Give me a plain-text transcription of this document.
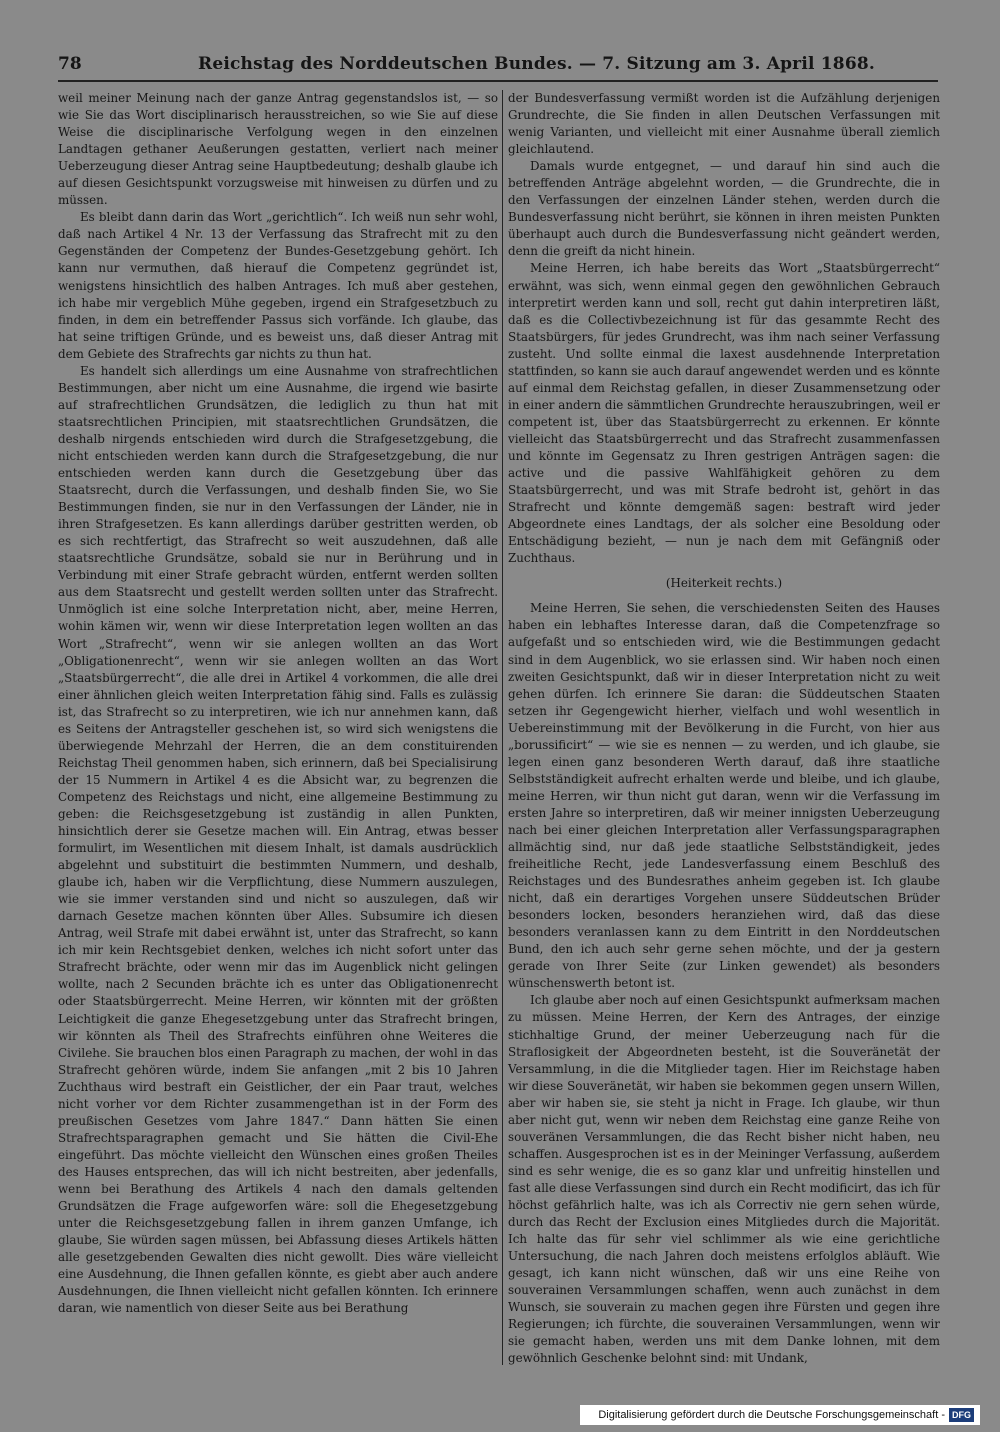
78	Reichstag des Norddeutschen Bundes. — 7. Sitzung am 3. April 1868.

weil meiner Meinung nach der ganze Antrag gegenstandslos ist, — so wie Sie das Wort disciplinarisch herausstreichen, so wie Sie auf diese Weise die disciplinarische Verfolgung wegen in den einzelnen Landtagen gethaner Aeußerungen gestatten, verliert nach meiner Ueberzeugung dieser Antrag seine Hauptbedeutung; deshalb glaube ich auf diesen Gesichtspunkt vorzugsweise mit hinweisen zu dürfen und zu müssen.

Es bleibt dann darin das Wort „gerichtlich“. Ich weiß nun sehr wohl, daß nach Artikel 4 Nr. 13 der Verfassung das Strafrecht mit zu den Gegenständen der Competenz der Bundes-Gesetzgebung gehört. Ich kann nur vermuthen, daß hierauf die Competenz gegründet ist, wenigstens hinsichtlich des halben Antrages. Ich muß aber gestehen, ich habe mir vergeblich Mühe gegeben, irgend ein Strafgesetzbuch zu finden, in dem ein betreffender Passus sich vorfände. Ich glaube, das hat seine triftigen Gründe, und es beweist uns, daß dieser Antrag mit dem Gebiete des Strafrechts gar nichts zu thun hat.

Es handelt sich allerdings um eine Ausnahme von strafrechtlichen Bestimmungen, aber nicht um eine Ausnahme, die irgend wie basirte auf strafrechtlichen Grundsätzen, die lediglich zu thun hat mit staatsrechtlichen Principien, mit staatsrechtlichen Grundsätzen, die deshalb nirgends entschieden wird durch die Strafgesetzgebung, die nicht entschieden werden kann durch die Strafgesetzgebung, die nur entschieden werden kann durch die Gesetzgebung über das Staatsrecht, durch die Verfassungen, und deshalb finden Sie, wo Sie Bestimmungen finden, sie nur in den Verfassungen der Länder, nie in ihren Strafgesetzen. Es kann allerdings darüber gestritten werden, ob es sich rechtfertigt, das Strafrecht so weit auszudehnen, daß alle staatsrechtliche Grundsätze, sobald sie nur in Berührung und in Verbindung mit einer Strafe gebracht würden, entfernt werden sollten aus dem Staatsrecht und gestellt werden sollten unter das Strafrecht. Unmöglich ist eine solche Interpretation nicht, aber, meine Herren, wohin kämen wir, wenn wir diese Interpretation legen wollten an das Wort „Strafrecht“, wenn wir sie anlegen wollten an das Wort „Obligationenrecht“, wenn wir sie anlegen wollten an das Wort „Staatsbürgerrecht“, die alle drei in Artikel 4 vorkommen, die alle drei einer ähnlichen gleich weiten Interpretation fähig sind. Falls es zulässig ist, das Strafrecht so zu interpretiren, wie ich nur annehmen kann, daß es Seitens der Antragsteller geschehen ist, so wird sich wenigstens die überwiegende Mehrzahl der Herren, die an dem constituirenden Reichstag Theil genommen haben, sich erinnern, daß bei Specialisirung der 15 Nummern in Artikel 4 es die Absicht war, zu begrenzen die Competenz des Reichstags und nicht, eine allgemeine Bestimmung zu geben: die Reichsgesetzgebung ist zuständig in allen Punkten, hinsichtlich derer sie Gesetze machen will. Ein Antrag, etwas besser formulirt, im Wesentlichen mit diesem Inhalt, ist damals ausdrücklich abgelehnt und substituirt die bestimmten Nummern, und deshalb, glaube ich, haben wir die Verpflichtung, diese Nummern auszulegen, wie sie immer verstanden sind und nicht so auszulegen, daß wir darnach Gesetze machen könnten über Alles. Subsumire ich diesen Antrag, weil Strafe mit dabei erwähnt ist, unter das Strafrecht, so kann ich mir kein Rechtsgebiet denken, welches ich nicht sofort unter das Strafrecht brächte, oder wenn mir das im Augenblick nicht gelingen wollte, nach 2 Secunden brächte ich es unter das Obligationenrecht oder Staatsbürgerrecht. Meine Herren, wir könnten mit der größten Leichtigkeit die ganze Ehegesetzgebung unter das Strafrecht bringen, wir könnten als Theil des Strafrechts einführen ohne Weiteres die Civilehe. Sie brauchen blos einen Paragraph zu machen, der wohl in das Strafrecht gehören würde, indem Sie anfangen „mit 2 bis 10 Jahren Zuchthaus wird bestraft ein Geistlicher, der ein Paar traut, welches nicht vorher vor dem Richter zusammengethan ist in der Form des preußischen Gesetzes vom Jahre 1847.“ Dann hätten Sie einen Strafrechtsparagraphen gemacht und Sie hätten die Civil-Ehe eingeführt. Das möchte vielleicht den Wünschen eines großen Theiles des Hauses entsprechen, das will ich nicht bestreiten, aber jedenfalls, wenn bei Berathung des Artikels 4 nach den damals geltenden Grundsätzen die Frage aufgeworfen wäre: soll die Ehegesetzgebung unter die Reichsgesetzgebung fallen in ihrem ganzen Umfange, ich glaube, Sie würden sagen müssen, bei Abfassung dieses Artikels hätten alle gesetzgebenden Gewalten dies nicht gewollt. Dies wäre vielleicht eine Ausdehnung, die Ihnen gefallen könnte, es giebt aber auch andere Ausdehnungen, die Ihnen vielleicht nicht gefallen könnten. Ich erinnere daran, wie namentlich von dieser Seite aus bei Berathung

der Bundesverfassung vermißt worden ist die Aufzählung derjenigen Grundrechte, die Sie finden in allen Deutschen Verfassungen mit wenig Varianten, und vielleicht mit einer Ausnahme überall ziemlich gleichlautend.

Damals wurde entgegnet, — und darauf hin sind auch die betreffenden Anträge abgelehnt worden, — die Grundrechte, die in den Verfassungen der einzelnen Länder stehen, werden durch die Bundesverfassung nicht berührt, sie können in ihren meisten Punkten überhaupt auch durch die Bundesverfassung nicht geändert werden, denn die greift da nicht hinein.

Meine Herren, ich habe bereits das Wort „Staatsbürgerrecht“ erwähnt, was sich, wenn einmal gegen den gewöhnlichen Gebrauch interpretirt werden kann und soll, recht gut dahin interpretiren läßt, daß es die Collectivbezeichnung ist für das gesammte Recht des Staatsbürgers, für jedes Grundrecht, was ihm nach seiner Verfassung zusteht. Und sollte einmal die laxest ausdehnende Interpretation stattfinden, so kann sie auch darauf angewendet werden und es könnte auf einmal dem Reichstag gefallen, in dieser Zusammensetzung oder in einer andern die sämmtlichen Grundrechte herauszubringen, weil er competent ist, über das Staatsbürgerrecht zu erkennen. Er könnte vielleicht das Staatsbürgerrecht und das Strafrecht zusammenfassen und könnte im Gegensatz zu Ihren gestrigen Anträgen sagen: die active und die passive Wahlfähigkeit gehören zu dem Staatsbürgerrecht, und was mit Strafe bedroht ist, gehört in das Strafrecht und könnte demgemäß sagen: bestraft wird jeder Abgeordnete eines Landtags, der als solcher eine Besoldung oder Entschädigung bezieht, — nun je nach dem mit Gefängniß oder Zuchthaus.

(Heiterkeit rechts.)

Meine Herren, Sie sehen, die verschiedensten Seiten des Hauses haben ein lebhaftes Interesse daran, daß die Competenzfrage so aufgefaßt und so entschieden wird, wie die Bestimmungen gedacht sind in dem Augenblick, wo sie erlassen sind. Wir haben noch einen zweiten Gesichtspunkt, daß wir in dieser Interpretation nicht zu weit gehen dürfen. Ich erinnere Sie daran: die Süddeutschen Staaten setzen ihr Gegengewicht hierher, vielfach und wohl wesentlich in Uebereinstimmung mit der Bevölkerung in die Furcht, von hier aus „borussificirt“ — wie sie es nennen — zu werden, und ich glaube, sie legen einen ganz besonderen Werth darauf, daß ihre staatliche Selbstständigkeit aufrecht erhalten werde und bleibe, und ich glaube, meine Herren, wir thun nicht gut daran, wenn wir die Verfassung im ersten Jahre so interpretiren, daß wir meiner innigsten Ueberzeugung nach bei einer gleichen Interpretation aller Verfassungsparagraphen allmächtig sind, nur daß jede staatliche Selbstständigkeit, jedes freiheitliche Recht, jede Landesverfassung einem Beschluß des Reichstages und des Bundesrathes anheim gegeben ist. Ich glaube nicht, daß ein derartiges Vorgehen unsere Süddeutschen Brüder besonders locken, besonders heranziehen wird, daß das diese besonders veranlassen kann zu dem Eintritt in den Norddeutschen Bund, den ich auch sehr gerne sehen möchte, und der ja gestern gerade von Ihrer Seite (zur Linken gewendet) als besonders wünschenswerth betont ist.

Ich glaube aber noch auf einen Gesichtspunkt aufmerksam machen zu müssen. Meine Herren, der Kern des Antrages, der einzige stichhaltige Grund, der meiner Ueberzeugung nach für die Straflosigkeit der Abgeordneten besteht, ist die Souveränetät der Versammlung, in die die Mitglieder tagen. Hier im Reichstage haben wir diese Souveränetät, wir haben sie bekommen gegen unsern Willen, aber wir haben sie, sie steht ja nicht in Frage. Ich glaube, wir thun aber nicht gut, wenn wir neben dem Reichstag eine ganze Reihe von souveränen Versammlungen, die das Recht bisher nicht haben, neu schaffen. Ausgesprochen ist es in der Meininger Verfassung, außerdem sind es sehr wenige, die es so ganz klar und unfreitig hinstellen und fast alle diese Verfassungen sind durch ein Recht modificirt, das ich für höchst gefährlich halte, was ich als Correctiv nie gern sehen würde, durch das Recht der Exclusion eines Mitgliedes durch die Majorität. Ich halte das für sehr viel schlimmer als wie eine gerichtliche Untersuchung, die nach Jahren doch meistens erfolglos abläuft. Wie gesagt, ich kann nicht wünschen, daß wir uns eine Reihe von souverainen Versammlungen schaffen, wenn auch zunächst in dem Wunsch, sie souverain zu machen gegen ihre Fürsten und gegen ihre Regierungen; ich fürchte, die souverainen Versammlungen, wenn wir sie gemacht haben, werden uns mit dem Danke lohnen, mit dem gewöhnlich Geschenke belohnt sind: mit Undank,

Digitalisierung gefördert durch die Deutsche Forschungsgemeinschaft - DFG
